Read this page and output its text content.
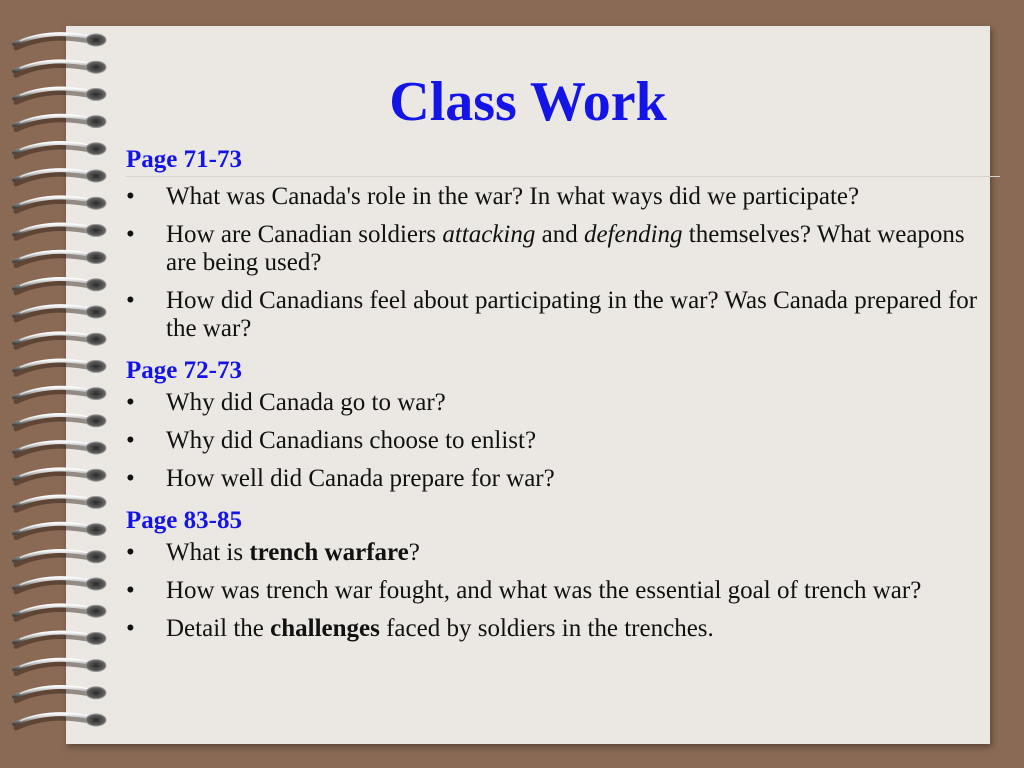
Class Work
Page 71-73
•	What was Canada's role in the war? In what ways did we participate?
•	How are Canadian soldiers attacking and defending themselves? What weapons are being used?
•	How did Canadians feel about participating in the war? Was Canada prepared for the war?
Page 72-73
•	Why did Canada go to war?
•	Why did Canadians choose to enlist?
•	How well did Canada prepare for war?
Page 83-85
•	What is trench warfare?
•	How was trench war fought, and what was the essential goal of trench war?
•	Detail the challenges faced by soldiers in the trenches.
